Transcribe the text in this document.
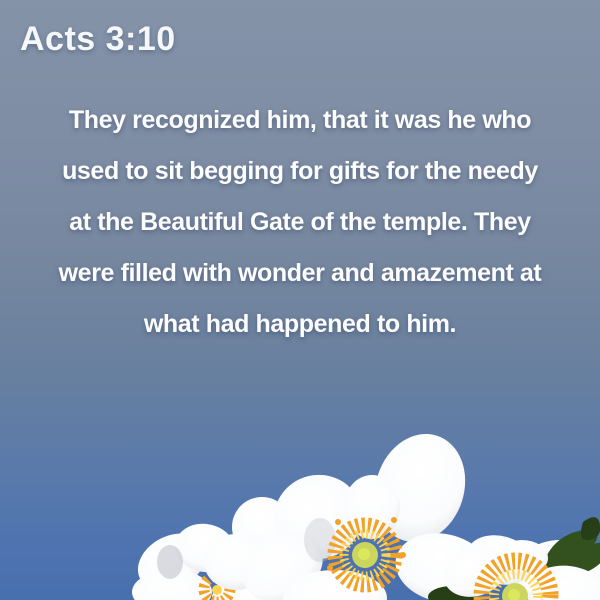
Acts 3:10
They recognized him, that it was he who
used to sit begging for gifts for the needy
at the Beautiful Gate of the temple. They
were filled with wonder and amazement at
what had happened to him.
